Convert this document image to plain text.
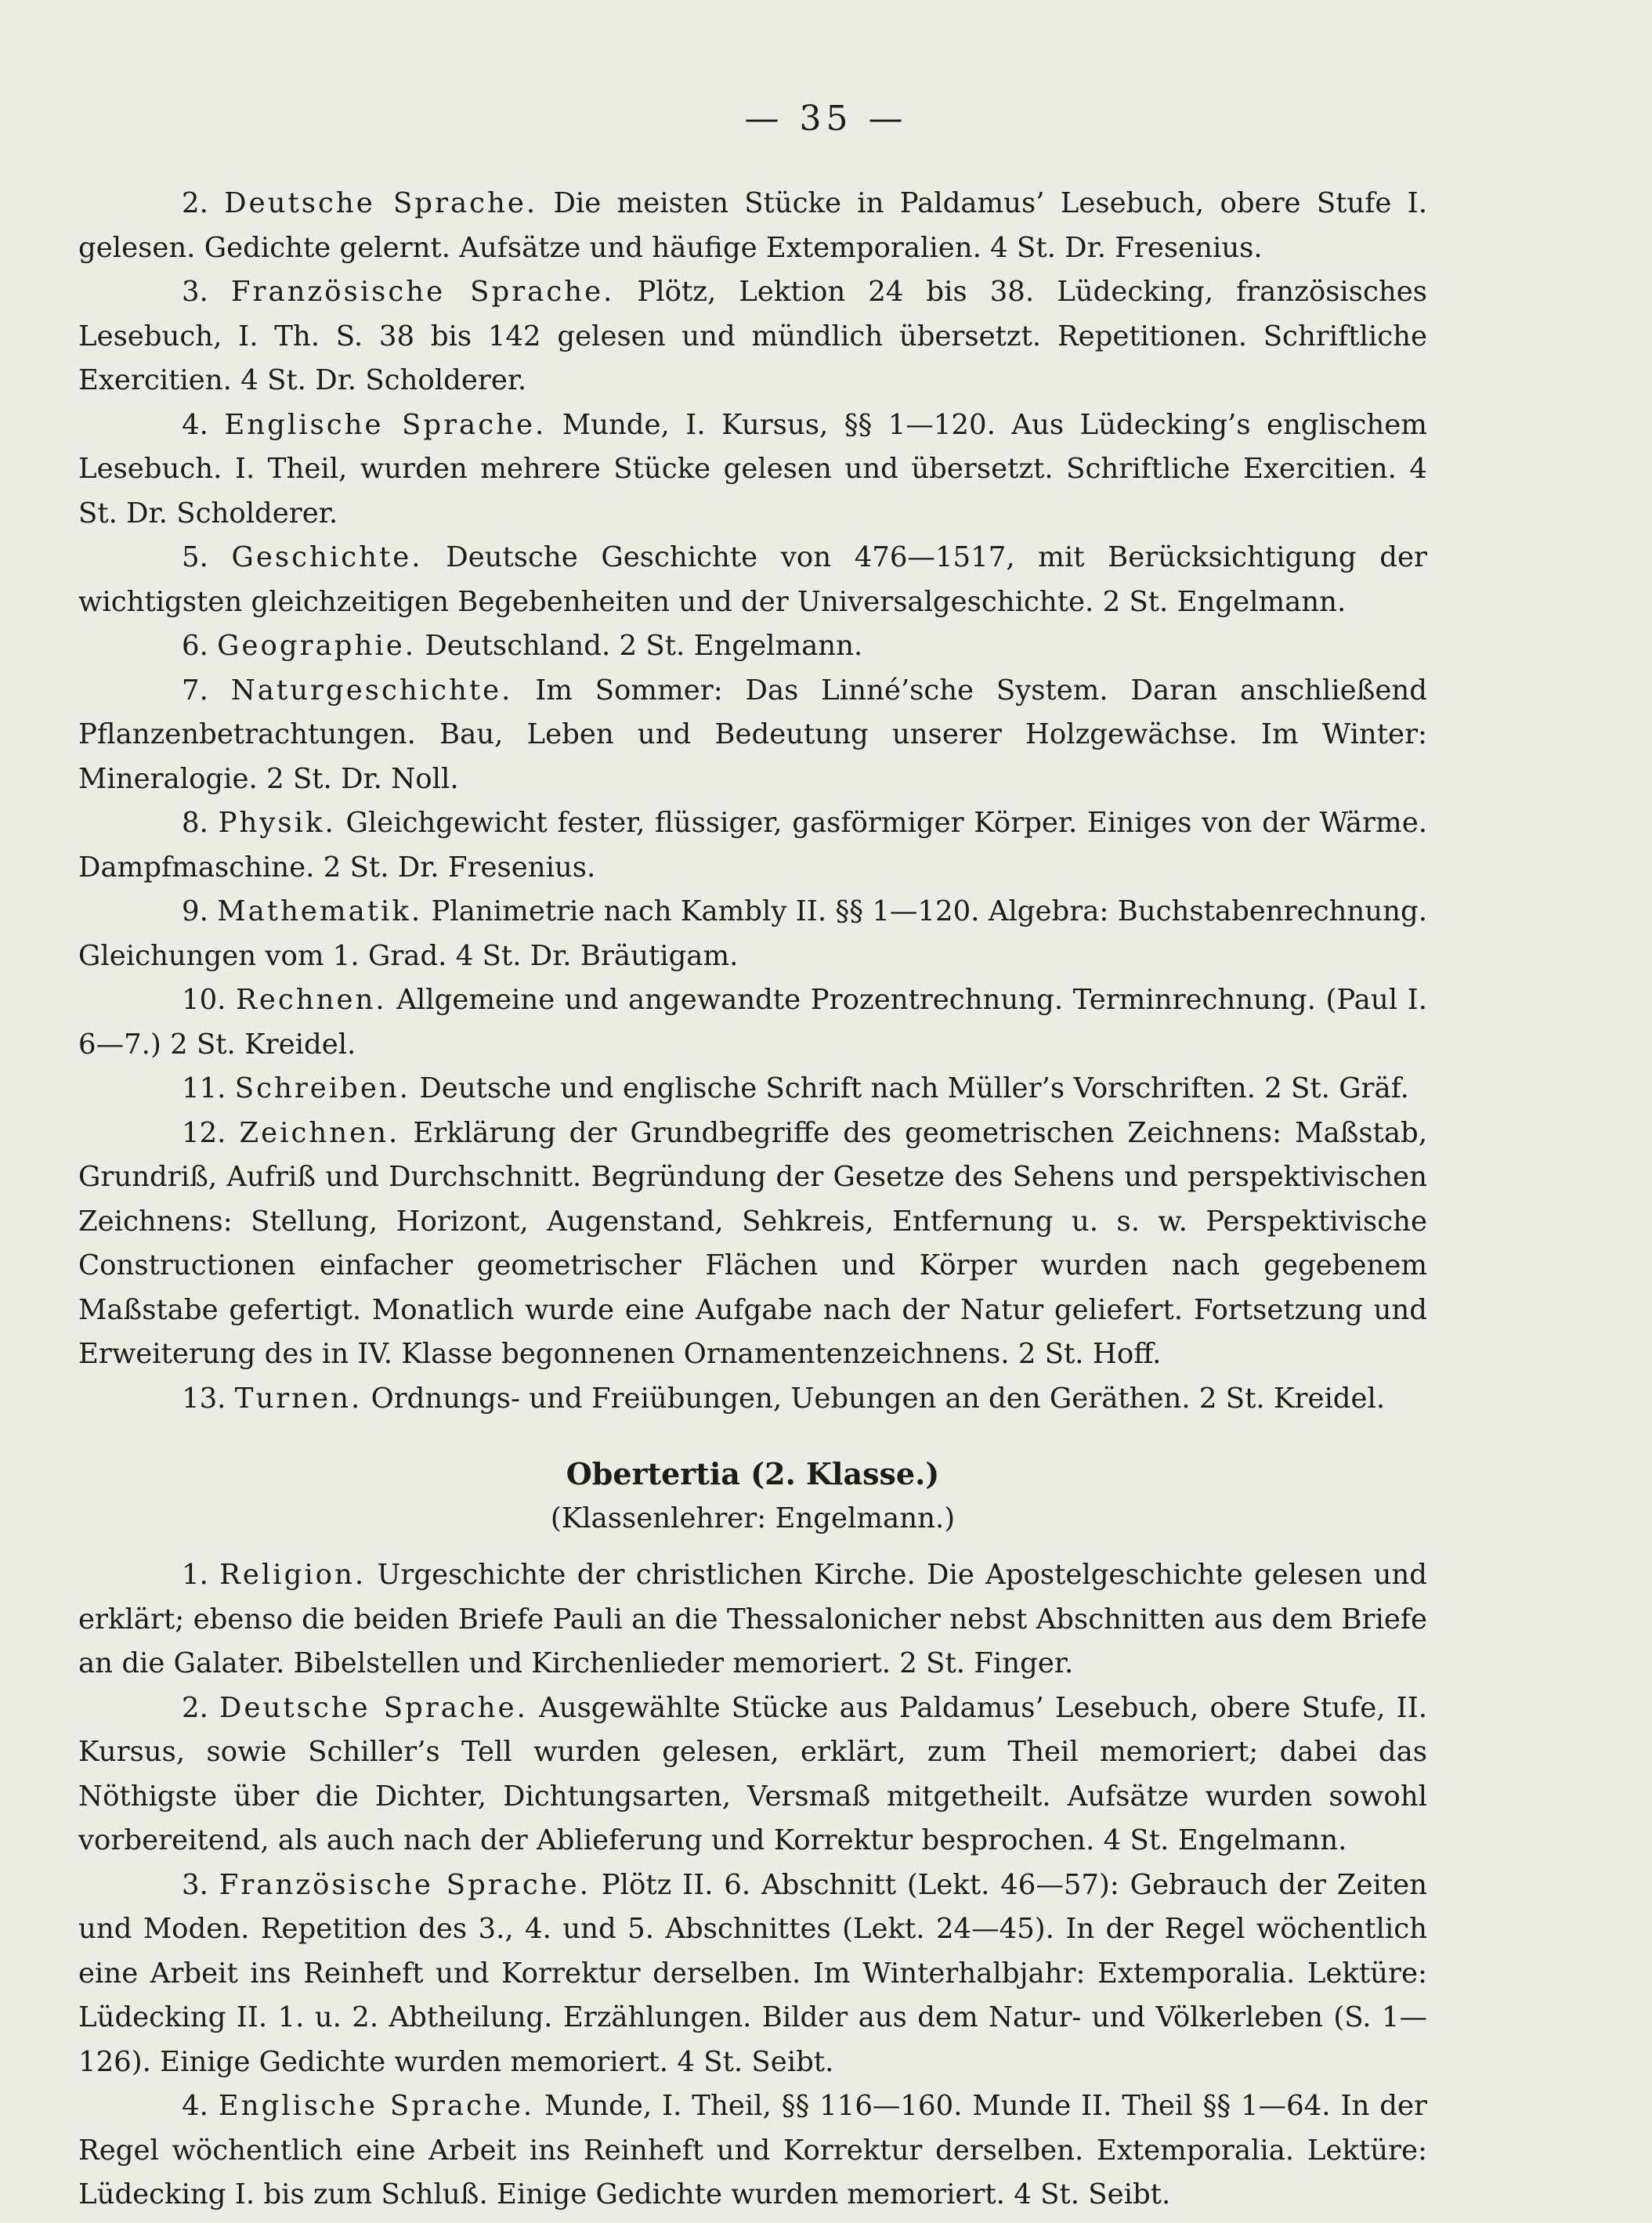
— 35 —

2. Deutsche Sprache. Die meisten Stücke in Paldamus’ Lesebuch, obere Stufe I. gelesen. Gedichte gelernt. Aufsätze und häufige Extemporalien. 4 St. Dr. Fresenius.

3. Französische Sprache. Plötz, Lektion 24 bis 38. Lüdecking, französisches Lesebuch, I. Th. S. 38 bis 142 gelesen und mündlich übersetzt. Repetitionen. Schriftliche Exercitien. 4 St. Dr. Scholderer.

4. Englische Sprache. Munde, I. Kursus, §§ 1—120. Aus Lüdecking’s englischem Lesebuch. I. Theil, wurden mehrere Stücke gelesen und übersetzt. Schriftliche Exercitien. 4 St. Dr. Scholderer.

5. Geschichte. Deutsche Geschichte von 476—1517, mit Berücksichtigung der wichtigsten gleichzeitigen Begebenheiten und der Universalgeschichte. 2 St. Engelmann.

6. Geographie. Deutschland. 2 St. Engelmann.

7. Naturgeschichte. Im Sommer: Das Linné’sche System. Daran anschließend Pflanzenbetrachtungen. Bau, Leben und Bedeutung unserer Holzgewächse. Im Winter: Mineralogie. 2 St. Dr. Noll.

8. Physik. Gleichgewicht fester, flüssiger, gasförmiger Körper. Einiges von der Wärme. Dampfmaschine. 2 St. Dr. Fresenius.

9. Mathematik. Planimetrie nach Kambly II. §§ 1—120. Algebra: Buchstabenrechnung. Gleichungen vom 1. Grad. 4 St. Dr. Bräutigam.

10. Rechnen. Allgemeine und angewandte Prozentrechnung. Terminrechnung. (Paul I. 6—7.) 2 St. Kreidel.

11. Schreiben. Deutsche und englische Schrift nach Müller’s Vorschriften. 2 St. Gräf.

12. Zeichnen. Erklärung der Grundbegriffe des geometrischen Zeichnens: Maßstab, Grundriß, Aufriß und Durchschnitt. Begründung der Gesetze des Sehens und perspektivischen Zeichnens: Stellung, Horizont, Augenstand, Sehkreis, Entfernung u. s. w. Perspektivische Constructionen einfacher geometrischer Flächen und Körper wurden nach gegebenem Maßstabe gefertigt. Monatlich wurde eine Aufgabe nach der Natur geliefert. Fortsetzung und Erweiterung des in IV. Klasse begonnenen Ornamentenzeichnens. 2 St. Hoff.

13. Turnen. Ordnungs- und Freiübungen, Uebungen an den Geräthen. 2 St. Kreidel.

Obertertia (2. Klasse.)
(Klassenlehrer: Engelmann.)

1. Religion. Urgeschichte der christlichen Kirche. Die Apostelgeschichte gelesen und erklärt; ebenso die beiden Briefe Pauli an die Thessalonicher nebst Abschnitten aus dem Briefe an die Galater. Bibelstellen und Kirchenlieder memoriert. 2 St. Finger.

2. Deutsche Sprache. Ausgewählte Stücke aus Paldamus’ Lesebuch, obere Stufe, II. Kursus, sowie Schiller’s Tell wurden gelesen, erklärt, zum Theil memoriert; dabei das Nöthigste über die Dichter, Dichtungsarten, Versmaß mitgetheilt. Aufsätze wurden sowohl vorbereitend, als auch nach der Ablieferung und Korrektur besprochen. 4 St. Engelmann.

3. Französische Sprache. Plötz II. 6. Abschnitt (Lekt. 46—57): Gebrauch der Zeiten und Moden. Repetition des 3., 4. und 5. Abschnittes (Lekt. 24—45). In der Regel wöchentlich eine Arbeit ins Reinheft und Korrektur derselben. Im Winterhalbjahr: Extemporalia. Lektüre: Lüdecking II. 1. u. 2. Abtheilung. Erzählungen. Bilder aus dem Natur- und Völkerleben (S. 1—126). Einige Gedichte wurden memoriert. 4 St. Seibt.

4. Englische Sprache. Munde, I. Theil, §§ 116—160. Munde II. Theil §§ 1—64. In der Regel wöchentlich eine Arbeit ins Reinheft und Korrektur derselben. Extemporalia. Lektüre: Lüdecking I. bis zum Schluß. Einige Gedichte wurden memoriert. 4 St. Seibt.
